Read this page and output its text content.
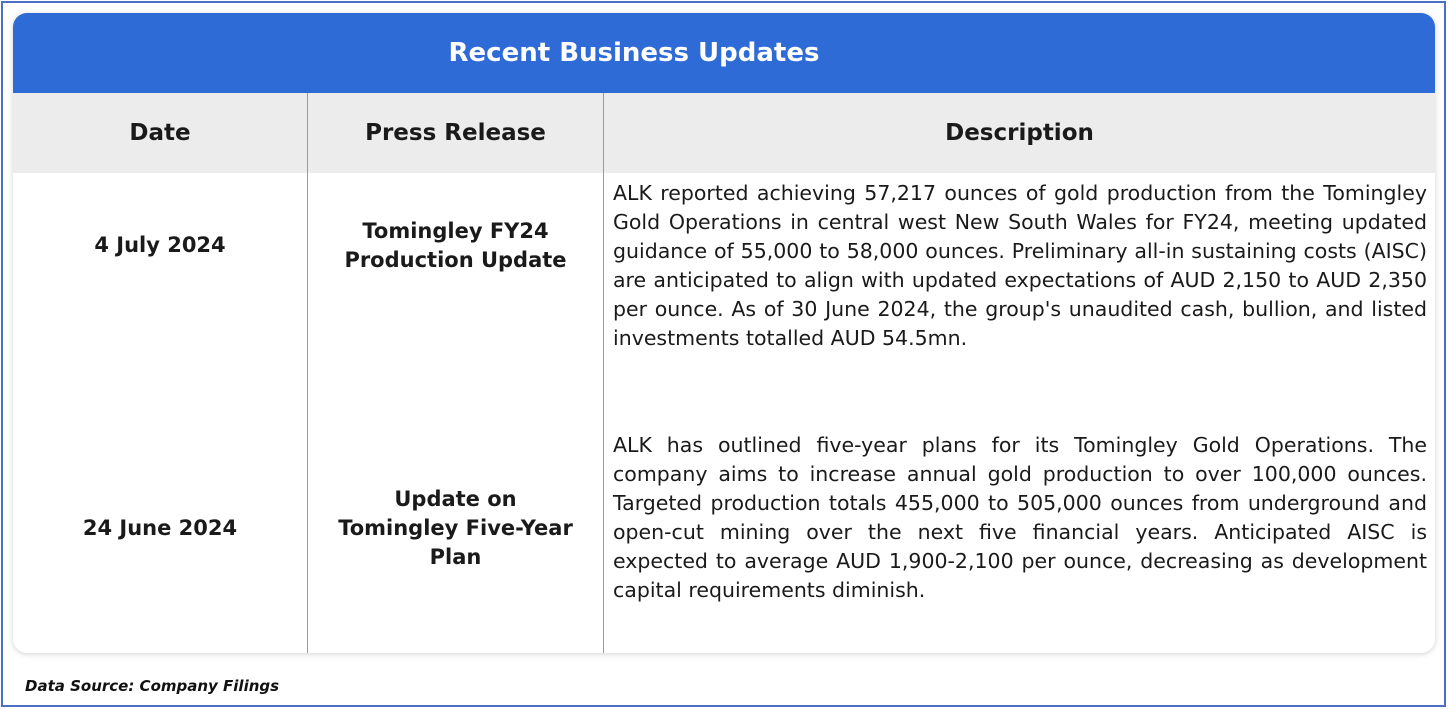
Recent Business Updates
Date	Press Release	Description
4 July 2024
Tomingley FY24 Production Update
ALK reported achieving 57,217 ounces of gold production from the Tomingley Gold Operations in central west New South Wales for FY24, meeting updated guidance of 55,000 to 58,000 ounces. Preliminary all-in sustaining costs (AISC) are anticipated to align with updated expectations of AUD 2,150 to AUD 2,350 per ounce. As of 30 June 2024, the group's unaudited cash, bullion, and listed investments totalled AUD 54.5mn.
24 June 2024
Update on Tomingley Five-Year Plan
ALK has outlined five-year plans for its Tomingley Gold Operations. The company aims to increase annual gold production to over 100,000 ounces. Targeted production totals 455,000 to 505,000 ounces from underground and open-cut mining over the next five financial years. Anticipated AISC is expected to average AUD 1,900-2,100 per ounce, decreasing as development capital requirements diminish.
Data Source: Company Filings
